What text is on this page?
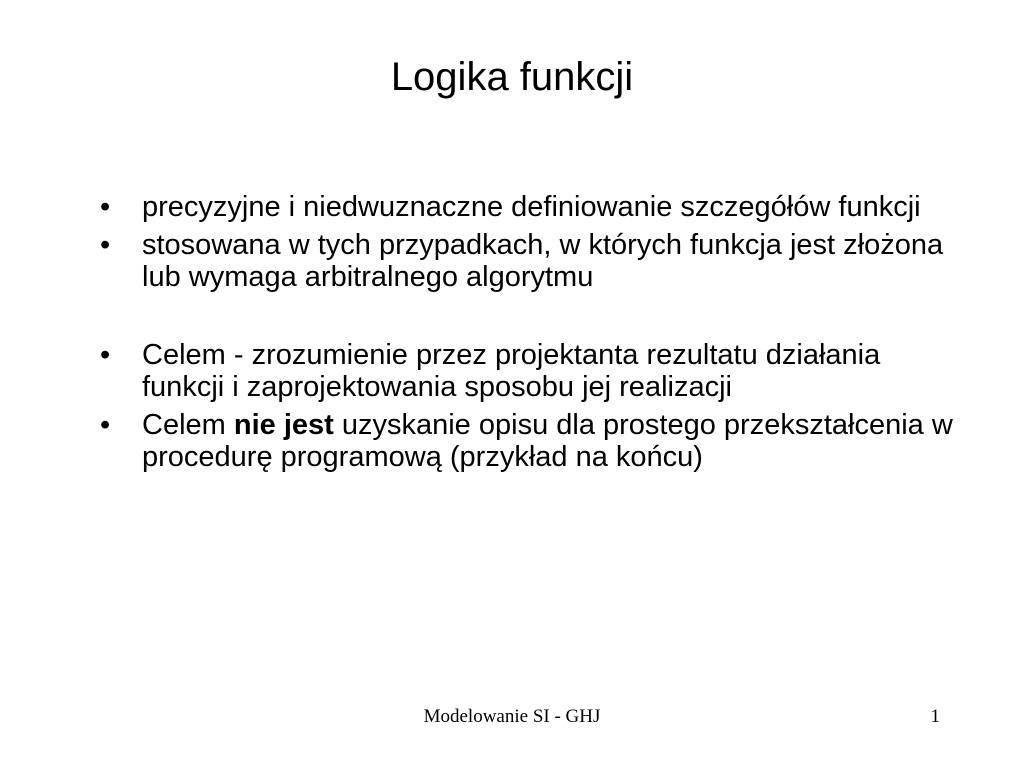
Logika funkcji
•	precyzyjne i niedwuznaczne definiowanie szczegółów funkcji
•	stosowana w tych przypadkach, w których funkcja jest złożona lub wymaga arbitralnego algorytmu
•	Celem - zrozumienie przez projektanta rezultatu działania funkcji i zaprojektowania sposobu jej realizacji
•	Celem nie jest uzyskanie opisu dla prostego przekształcenia w procedurę programową (przykład na końcu)
Modelowanie SI - GHJ	1
